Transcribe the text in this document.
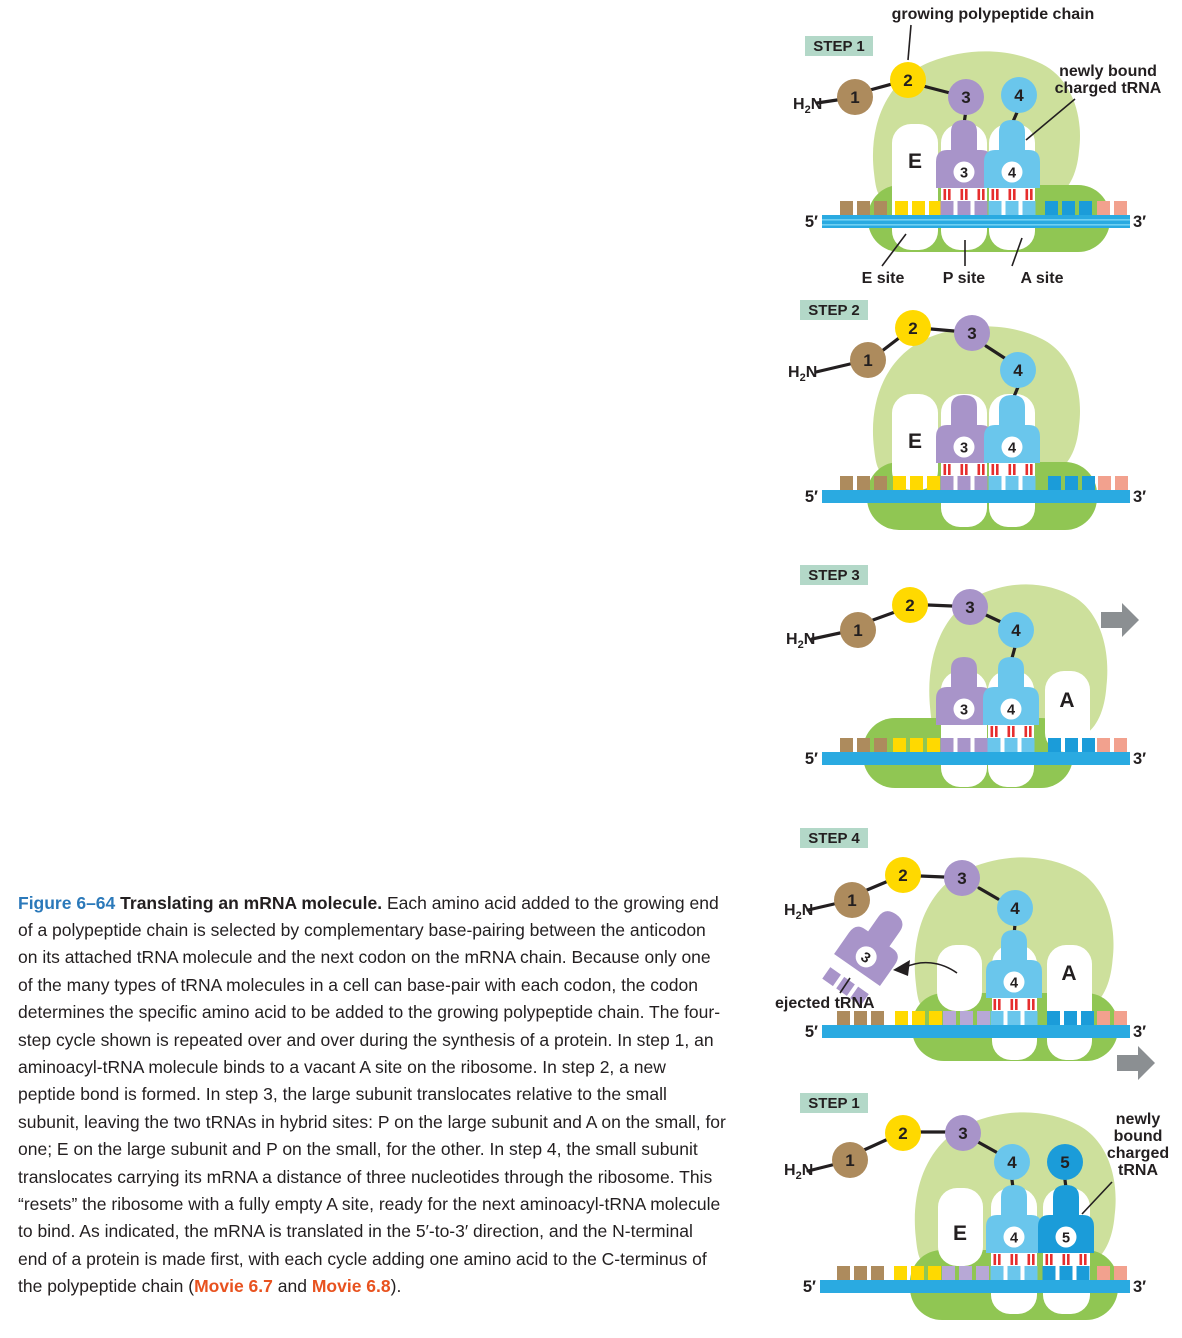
3	4
E
1
2
3	4
$H_2N$
growing polypeptide chain
newly bound
charged tRNA
STEP 1
5′	3′
E site P site A site
3	4
E
1
2	3
4
$H_2N$
STEP 2
5′	3′
3	4 A
1
2	3
4
$H_2N$
STEP 3
5′	3′
4
3
A
1
2	3
4
$H_2N$
ejected tRNA
STEP 4
5′	3′
4	5
E
1
2	3
4	5
$H_2N$
newly
bound
charged
tRNA
STEP 1
5′	3′

Figure 6–64 Translating an mRNA molecule. Each amino acid added to the growing end of a polypeptide chain is selected by complementary base-pairing between the anticodon on its attached tRNA molecule and the next codon on the mRNA chain. Because only one of the many types of tRNA molecules in a cell can base-pair with each codon, the codon determines the specific amino acid to be added to the growing polypeptide chain. The four-step cycle shown is repeated over and over during the synthesis of a protein. In step 1, an aminoacyl-tRNA molecule binds to a vacant A site on the ribosome. In step 2, a new peptide bond is formed. In step 3, the large subunit translocates relative to the small subunit, leaving the two tRNAs in hybrid sites: P on the large subunit and A on the small, for one; E on the large subunit and P on the small, for the other. In step 4, the small subunit translocates carrying its mRNA a distance of three nucleotides through the ribosome. This “resets” the ribosome with a fully empty A site, ready for the next aminoacyl-tRNA molecule to bind. As indicated, the mRNA is translated in the 5′-to-3′ direction, and the N-terminal end of a protein is made first, with each cycle adding one amino acid to the C-terminus of the polypeptide chain (Movie 6.7 and Movie 6.8).
